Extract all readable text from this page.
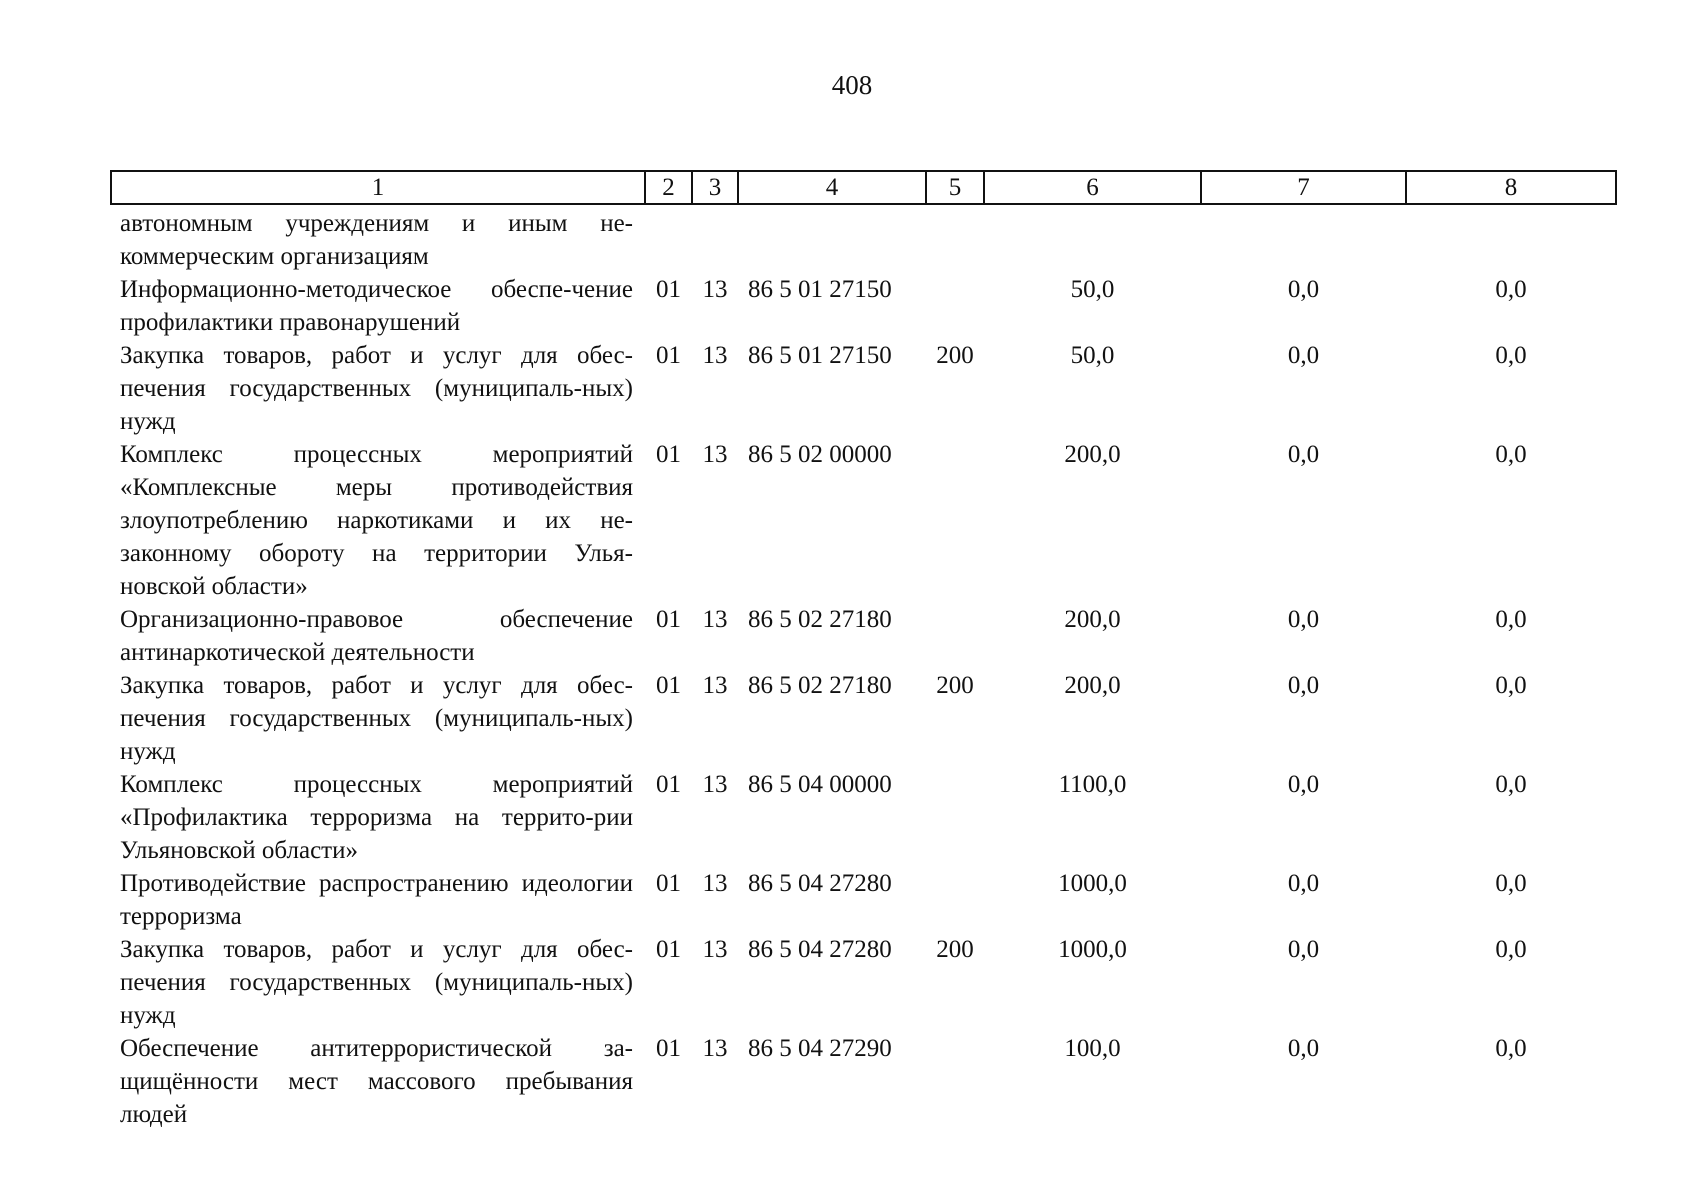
408
1	2	3	4	5	6	7	8
автономным учреждениям и иным не-коммерческим организациям							
Информационно-методическое обеспе-чение профилактики правонарушений	01	13	86 5 01 27150		50,0	0,0	0,0
Закупка товаров, работ и услуг для обес-печения государственных (муниципаль-ных) нужд	01	13	86 5 01 27150	200	50,0	0,0	0,0
Комплекс процессных мероприятий «Комплексные меры противодействия злоупотреблению наркотиками и их не-законному обороту на территории Улья-новской области»	01	13	86 5 02 00000		200,0	0,0	0,0
Организационно-правовое обеспечение антинаркотической деятельности	01	13	86 5 02 27180		200,0	0,0	0,0
Закупка товаров, работ и услуг для обес-печения государственных (муниципаль-ных) нужд	01	13	86 5 02 27180	200	200,0	0,0	0,0
Комплекс процессных мероприятий «Профилактика терроризма на террито-рии Ульяновской области»	01	13	86 5 04 00000		1100,0	0,0	0,0
Противодействие распространению идеологии терроризма	01	13	86 5 04 27280		1000,0	0,0	0,0
Закупка товаров, работ и услуг для обес-печения государственных (муниципаль-ных) нужд	01	13	86 5 04 27280	200	1000,0	0,0	0,0
Обеспечение антитеррористической за-щищённости мест массового пребывания людей	01	13	86 5 04 27290		100,0	0,0	0,0
